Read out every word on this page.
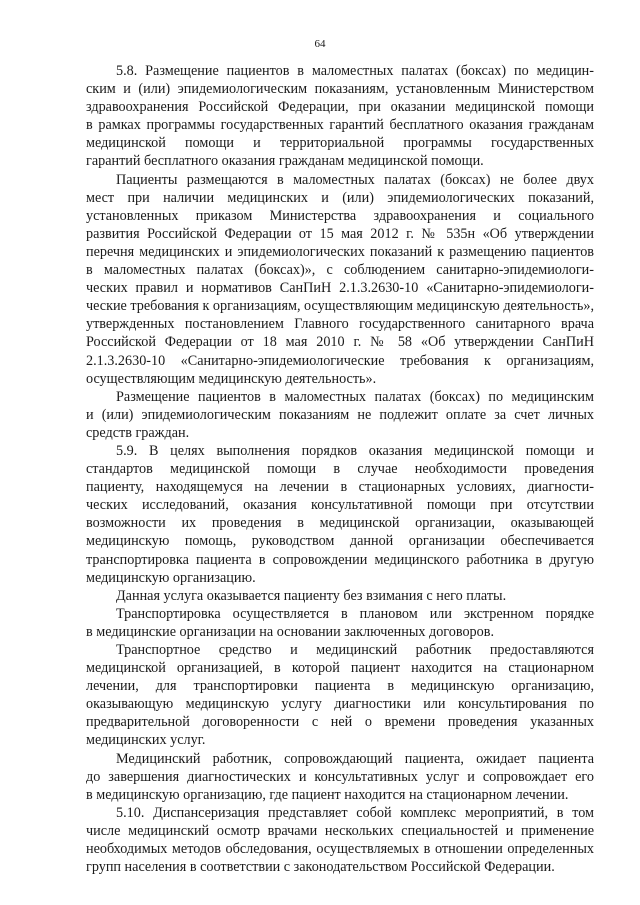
64
5.8. Размещение пациентов в маломестных палатах (боксах) по медицин-
ским и (или) эпидемиологическим показаниям, установленным Министерством
здравоохранения Российской Федерации, при оказании медицинской помощи
в рамках программы государственных гарантий бесплатного оказания гражданам
медицинской помощи и территориальной программы государственных
гарантий бесплатного оказания гражданам медицинской помощи.
Пациенты размещаются в маломестных палатах (боксах) не более двух
мест при наличии медицинских и (или) эпидемиологических показаний,
установленных приказом Министерства здравоохранения и социального
развития Российской Федерации от 15 мая 2012 г. № 535н «Об утверждении
перечня медицинских и эпидемиологических показаний к размещению пациентов
в маломестных палатах (боксах)», с соблюдением санитарно-эпидемиологи-
ческих правил и нормативов СанПиН 2.1.3.2630-10 «Санитарно-эпидемиологи-
ческие требования к организациям, осуществляющим медицинскую деятельность»,
утвержденных постановлением Главного государственного санитарного врача
Российской Федерации от 18 мая 2010 г. № 58 «Об утверждении СанПиН
2.1.3.2630-10 «Санитарно-эпидемиологические требования к организациям,
осуществляющим медицинскую деятельность».
Размещение пациентов в маломестных палатах (боксах) по медицинским
и (или) эпидемиологическим показаниям не подлежит оплате за счет личных
средств граждан.
5.9. В целях выполнения порядков оказания медицинской помощи и
стандартов медицинской помощи в случае необходимости проведения
пациенту, находящемуся на лечении в стационарных условиях, диагности-
ческих исследований, оказания консультативной помощи при отсутствии
возможности их проведения в медицинской организации, оказывающей
медицинскую помощь, руководством данной организации обеспечивается
транспортировка пациента в сопровождении медицинского работника в другую
медицинскую организацию.
Данная услуга оказывается пациенту без взимания с него платы.
Транспортировка осуществляется в плановом или экстренном порядке
в медицинские организации на основании заключенных договоров.
Транспортное средство и медицинский работник предоставляются
медицинской организацией, в которой пациент находится на стационарном
лечении, для транспортировки пациента в медицинскую организацию,
оказывающую медицинскую услугу диагностики или консультирования по
предварительной договоренности с ней о времени проведения указанных
медицинских услуг.
Медицинский работник, сопровождающий пациента, ожидает пациента
до завершения диагностических и консультативных услуг и сопровождает его
в медицинскую организацию, где пациент находится на стационарном лечении.
5.10. Диспансеризация представляет собой комплекс мероприятий, в том
числе медицинский осмотр врачами нескольких специальностей и применение
необходимых методов обследования, осуществляемых в отношении определенных
групп населения в соответствии с законодательством Российской Федерации.
